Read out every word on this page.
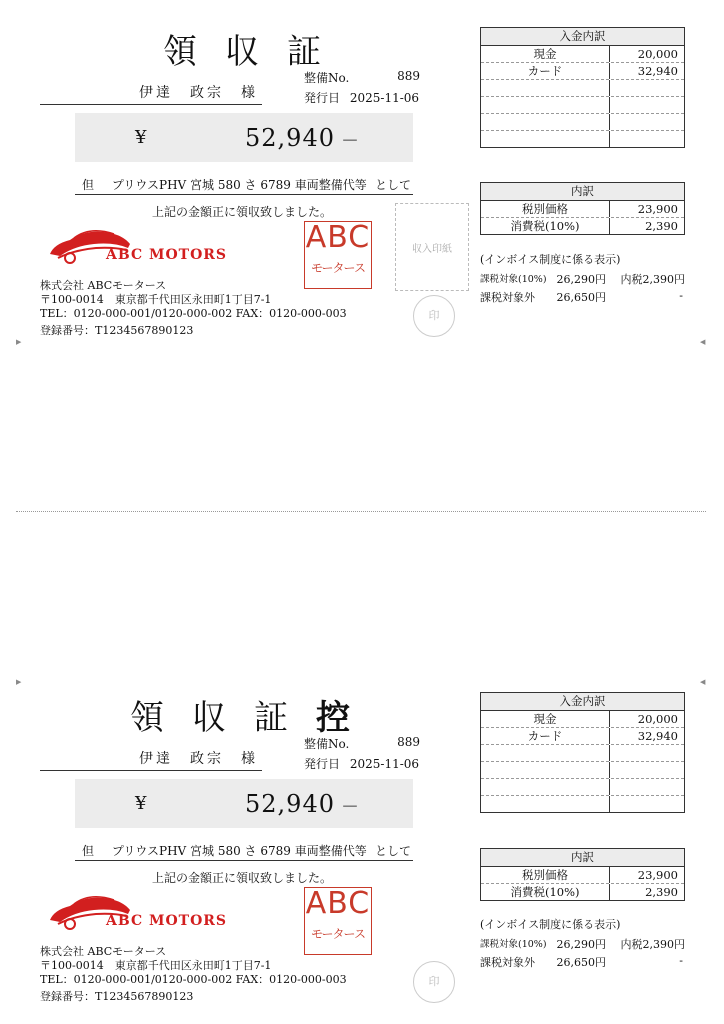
領収証
伊達　政宗　様
整備No.	889
発行日 2025-11-06
¥	52,940 －
但 プリウスPHV 宮城 580 さ 6789 車両整備代等 として
上記の金額正に領収致しました。
ABC MOTORS	ABC
モータース
収入印紙
印
株式会社 ABCモータース
〒100-0014　東京都千代田区永田町1丁目7-1
TEL：0120-000-001/0120-000-002 FAX：0120-000-003
登録番号：T1234567890123
入金内訳
現金	20,000
カード	32,940
内訳
税別価格	23,900
消費税(10%)	2,390
(インボイス制度に係る表示)
課税対象(10%) 26,290円	内税2,390円
課税対象外	26,650円	-
▶	◀
▶	◀
領収証控
伊達　政宗　様
整備No.	889
発行日 2025-11-06
¥	52,940 －
但 プリウスPHV 宮城 580 さ 6789 車両整備代等 として
上記の金額正に領収致しました。
ABC MOTORS	ABC
モータース
印
株式会社 ABCモータース
〒100-0014　東京都千代田区永田町1丁目7-1
TEL：0120-000-001/0120-000-002 FAX：0120-000-003
登録番号：T1234567890123
入金内訳
現金	20,000
カード	32,940
内訳
税別価格	23,900
消費税(10%)	2,390
(インボイス制度に係る表示)
課税対象(10%) 26,290円	内税2,390円
課税対象外	26,650円	-
